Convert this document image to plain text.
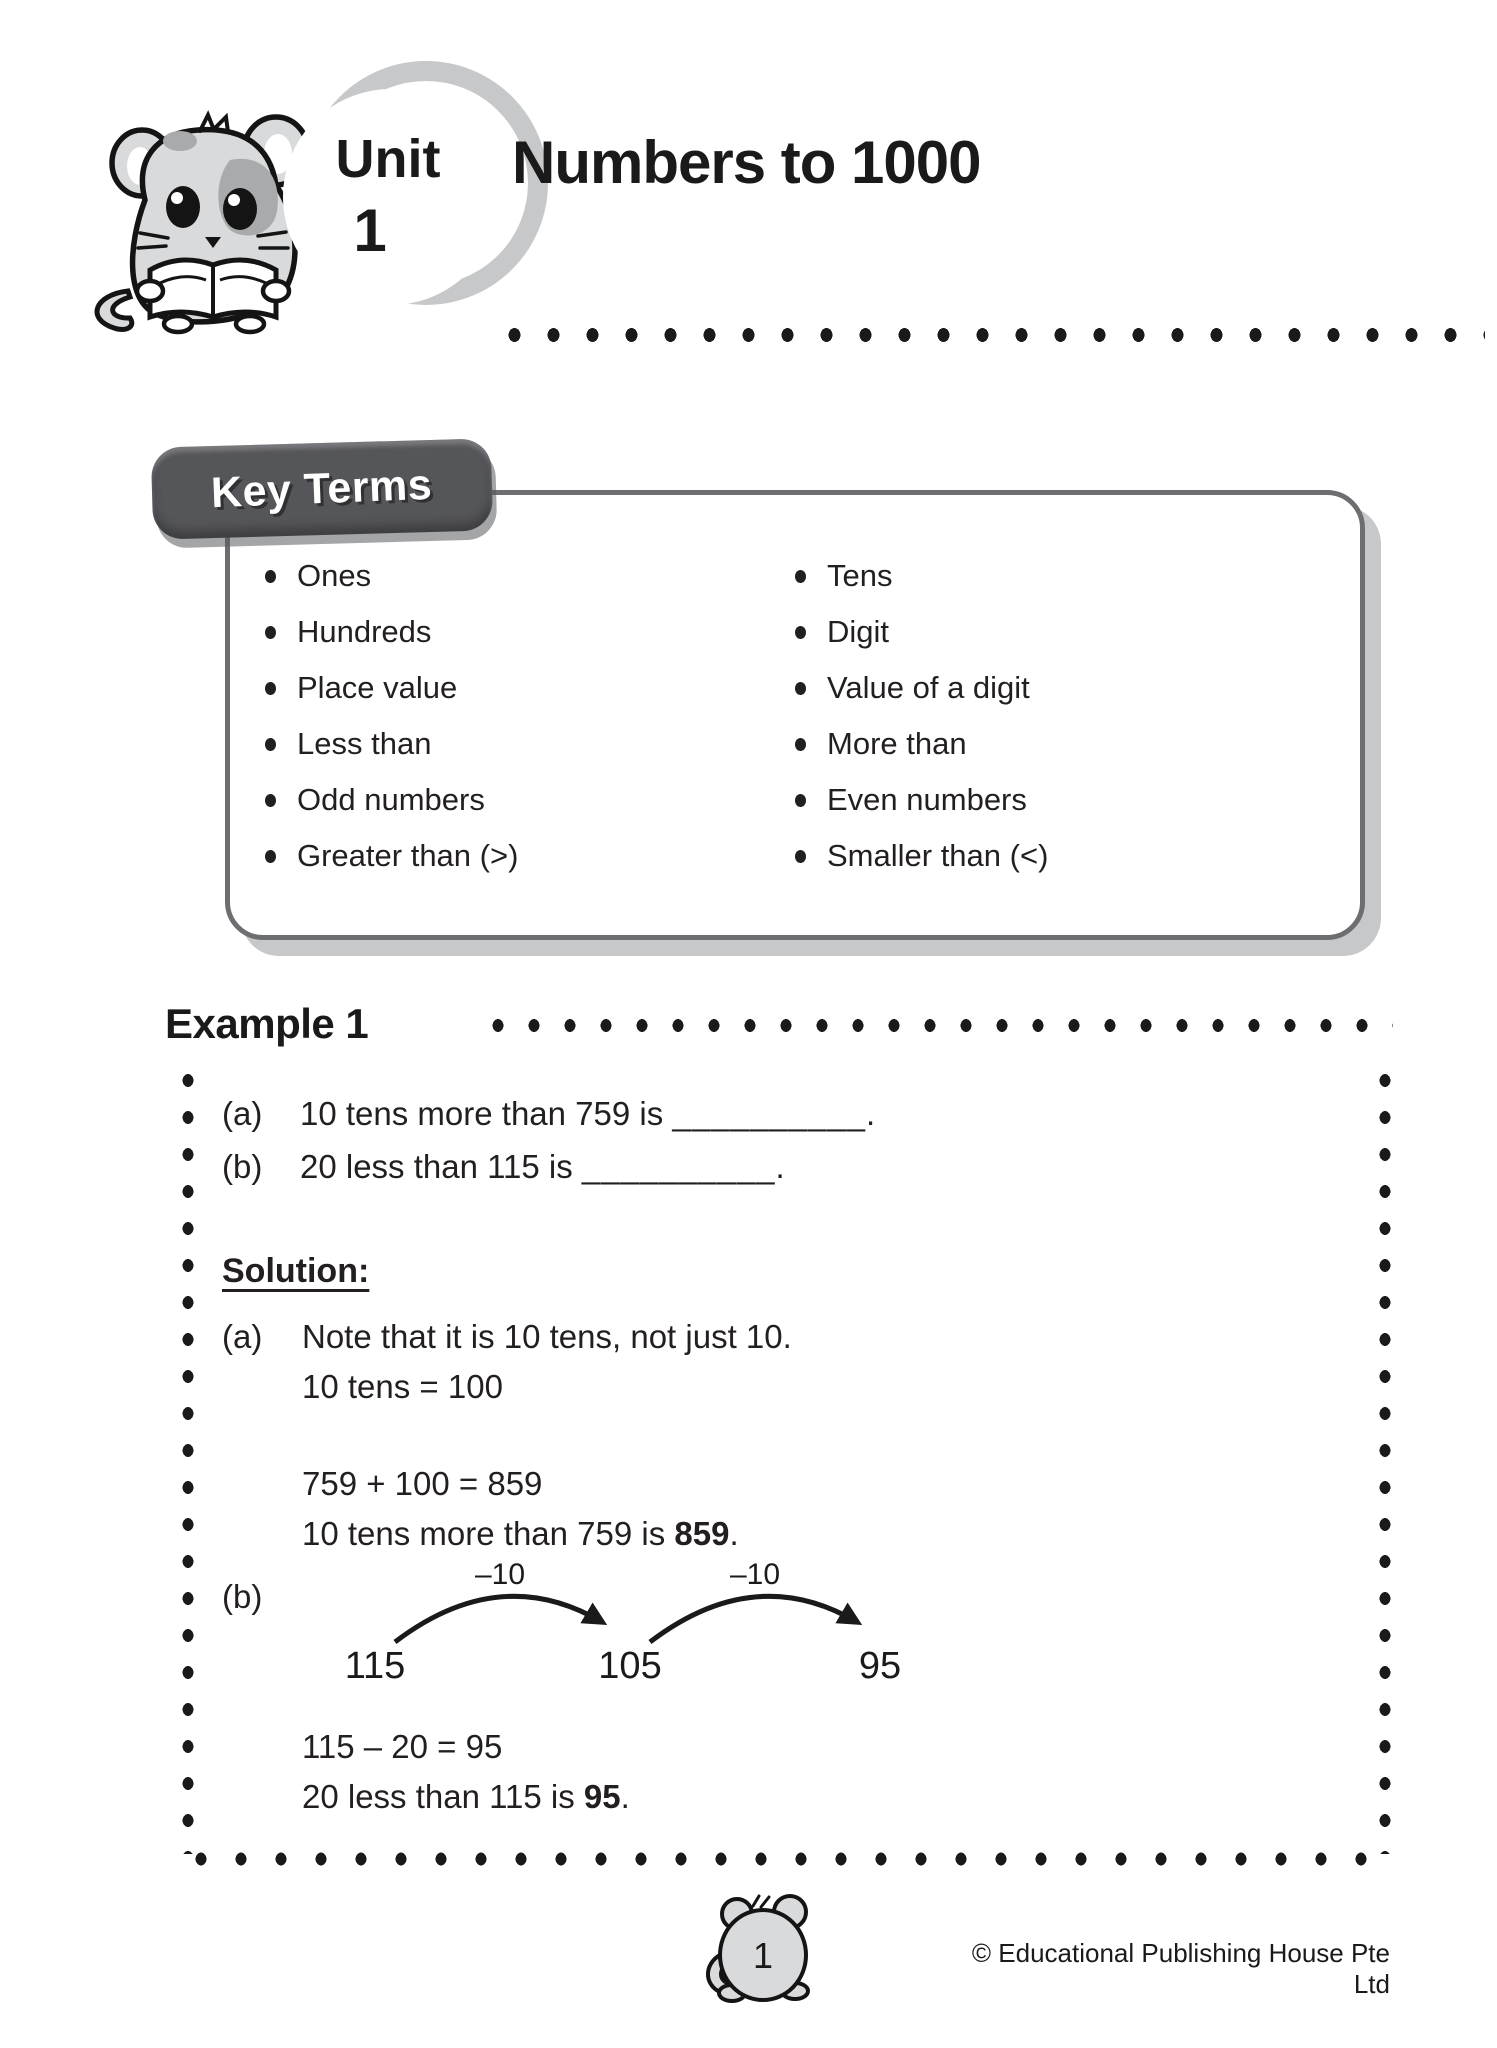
Unit
1
Numbers to 1000
Key Terms
Ones
Hundreds
Place value
Less than
Odd numbers
Greater than (>)
Tens
Digit
Value of a digit
More than
Even numbers
Smaller than (<)
Example 1
(a) 10 tens more than 759 is __________.
(b) 20 less than 115 is __________.
Solution:
(a) Note that it is 10 tens, not just 10.
10 tens = 100
759 + 100 = 859
10 tens more than 759 is 859.
(b)
–10	–10
115	105	95
115 – 20 = 95
20 less than 115 is 95.
1	© Educational Publishing House Pte Ltd
